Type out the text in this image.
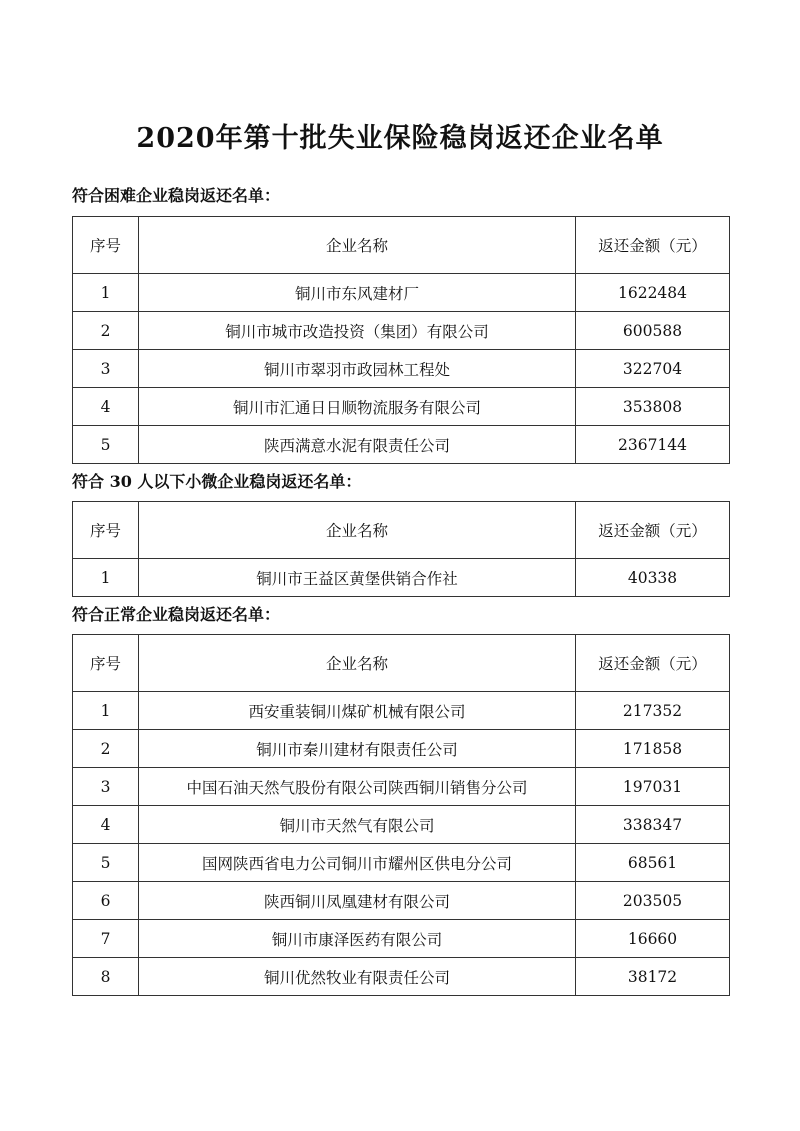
2020年第十批失业保险稳岗返还企业名单

符合困难企业稳岗返还名单：

序号	企业名称	返还金额（元）
1	铜川市东风建材厂	1622484
2	铜川市城市改造投资（集团）有限公司	600588
3	铜川市翠羽市政园林工程处	322704
4	铜川市汇通日日顺物流服务有限公司	353808
5	陕西满意水泥有限责任公司	2367144

符合 30 人以下小微企业稳岗返还名单：

序号	企业名称	返还金额（元）
1	铜川市王益区黄堡供销合作社	40338

符合正常企业稳岗返还名单：

序号	企业名称	返还金额（元）
1	西安重装铜川煤矿机械有限公司	217352
2	铜川市秦川建材有限责任公司	171858
3	中国石油天然气股份有限公司陕西铜川销售分公司	197031
4	铜川市天然气有限公司	338347
5	国网陕西省电力公司铜川市耀州区供电分公司	68561
6	陕西铜川凤凰建材有限公司	203505
7	铜川市康泽医药有限公司	16660
8	铜川优然牧业有限责任公司	38172
